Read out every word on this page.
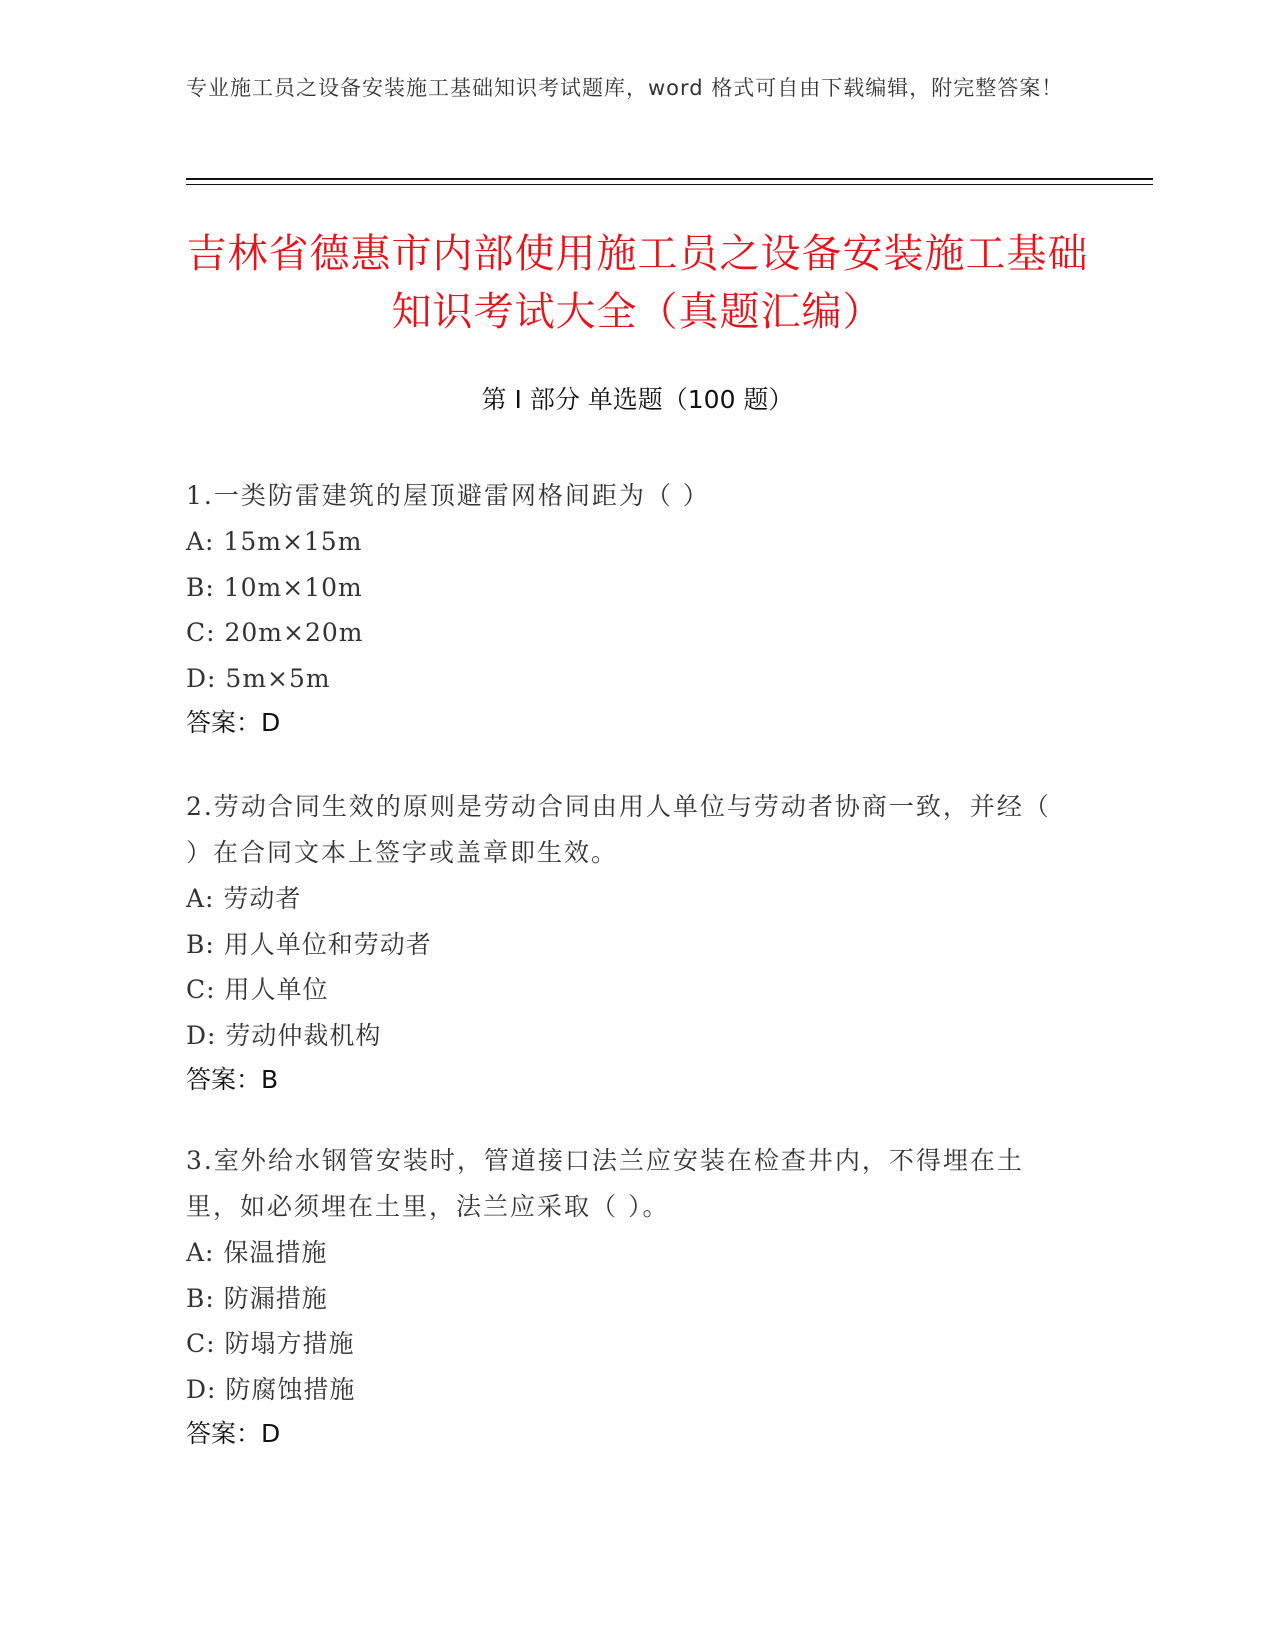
专业施工员之设备安装施工基础知识考试题库，word 格式可自由下载编辑，附完整答案！
吉林省德惠市内部使用施工员之设备安装施工基础知识考试大全（真题汇编）
第 I 部分 单选题（100 题）
1.一类防雷建筑的屋顶避雷网格间距为（ ）
A: 15m×15m
B: 10m×10m
C: 20m×20m
D: 5m×5m
答案：D
2.劳动合同生效的原则是劳动合同由用人单位与劳动者协商一致，并经（ ）在合同文本上签字或盖章即生效。
A: 劳动者
B: 用人单位和劳动者
C: 用人单位
D: 劳动仲裁机构
答案：B
3.室外给水钢管安装时，管道接口法兰应安装在检查井内，不得埋在土里，如必须埋在土里，法兰应采取（ ）。
A: 保温措施
B: 防漏措施
C: 防塌方措施
D: 防腐蚀措施
答案：D
